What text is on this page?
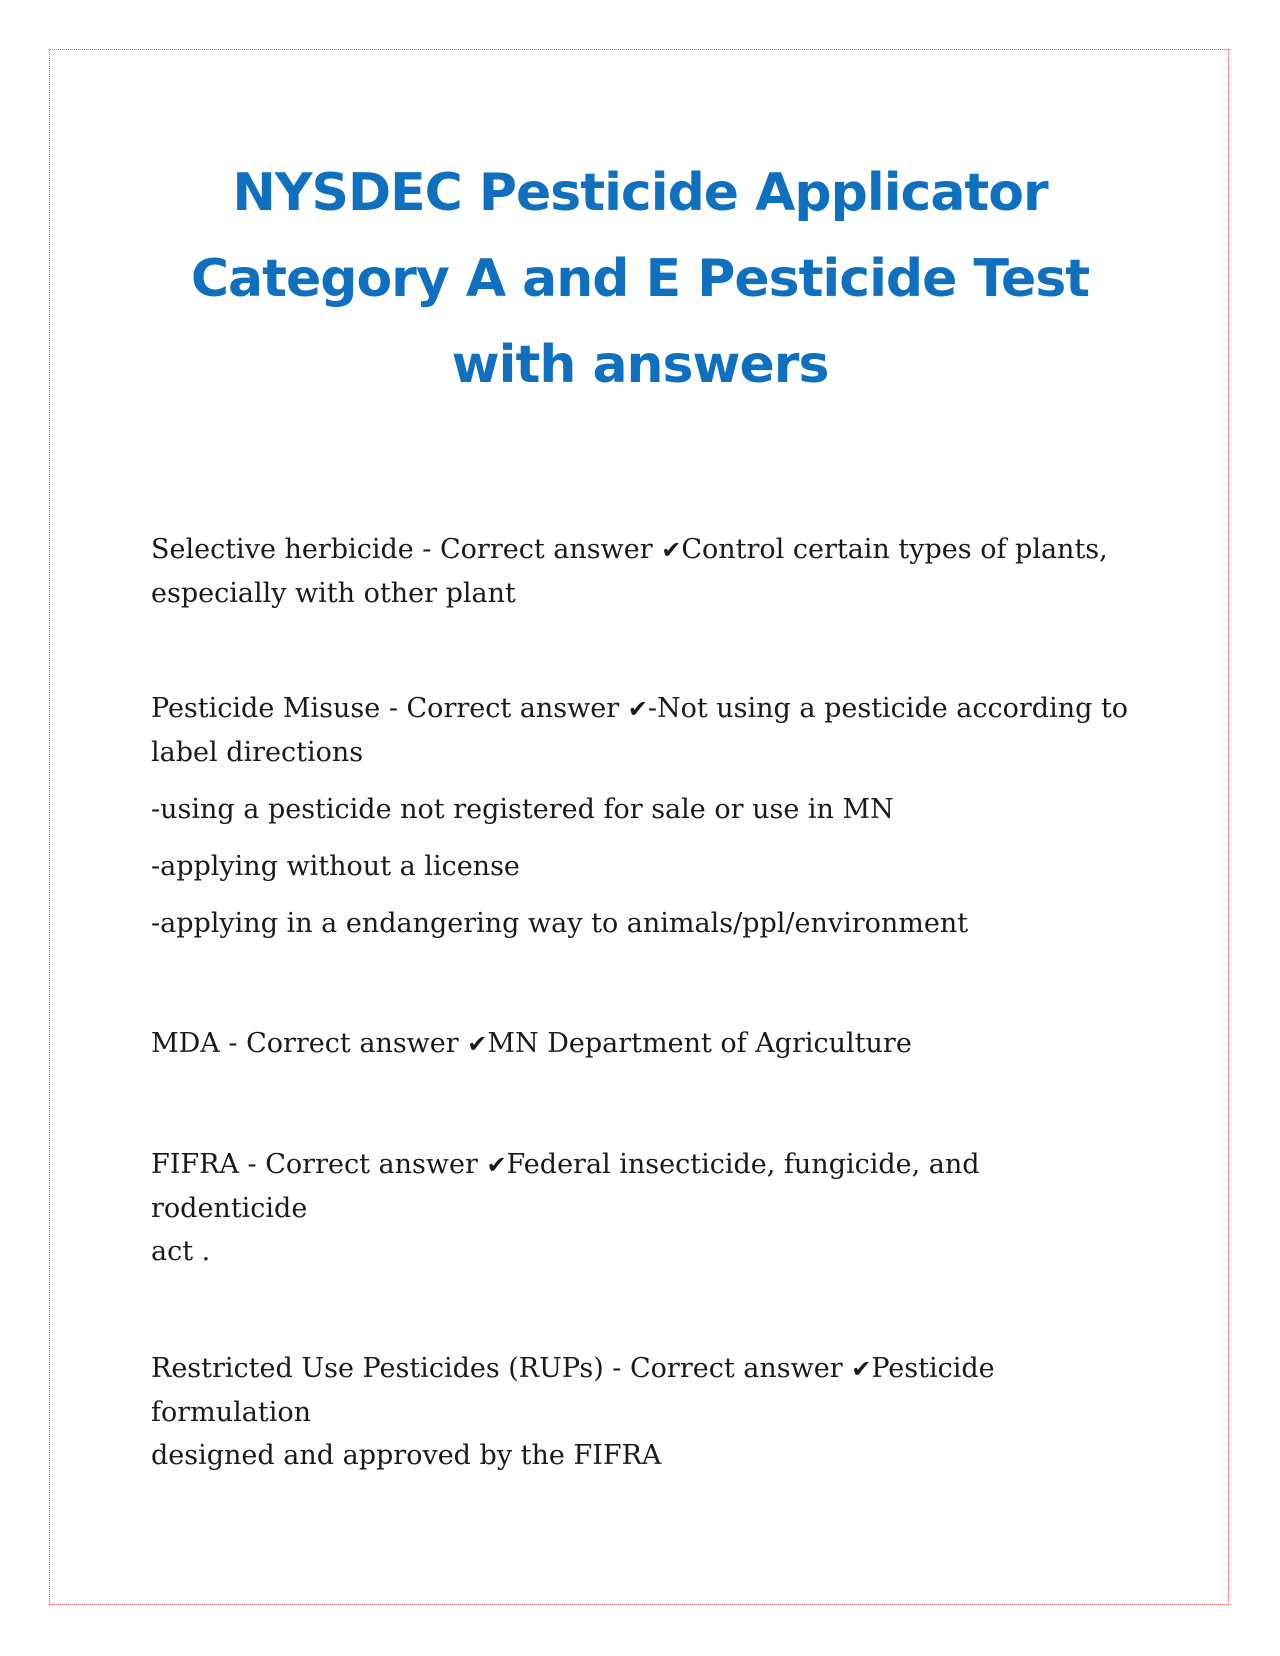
NYSDEC Pesticide Applicator Category A and E Pesticide Test with answers

Selective herbicide - Correct answer ✔Control certain types of plants,

especially with other plant

Pesticide Misuse - Correct answer ✔-Not using a pesticide according to

label directions

-using a pesticide not registered for sale or use in MN

-applying without a license

-applying in a endangering way to animals/ppl/environment

MDA - Correct answer ✔MN Department of Agriculture

FIFRA - Correct answer ✔Federal insecticide, fungicide, and rodenticide

act .

Restricted Use Pesticides (RUPs) - Correct answer ✔Pesticide formulation

designed and approved by the FIFRA
